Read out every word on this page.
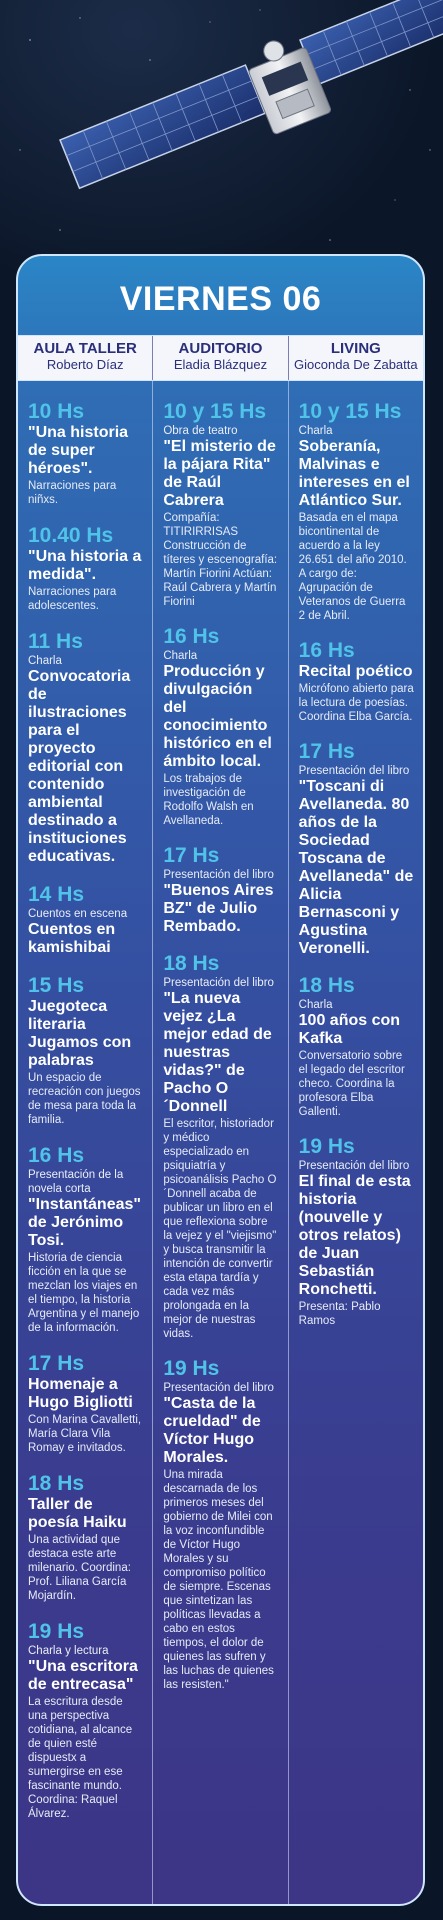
VIERNES 06
AULA TALLER
Roberto Díaz
AUDITORIO
Eladia Blázquez
LIVING
Gioconda De Zabatta
10 Hs
"Una historia de super héroes".
Narraciones para niñxs.
10.40 Hs
"Una historia a medida".
Narraciones para adolescentes.
11 Hs
Charla
Convocatoria de ilustraciones para el proyecto editorial con contenido ambiental destinado a instituciones educativas.
14 Hs
Cuentos en escena
Cuentos en kamishibai
15 Hs
Juegoteca literaria Jugamos con palabras
Un espacio de recreación con juegos de mesa para toda la familia.
16 Hs
Presentación de la novela corta
"Instantáneas" de Jerónimo Tosi.
Historia de ciencia ficción en la que se mezclan los viajes en el tiempo, la historia Argentina y el manejo de la información.
17 Hs
Homenaje a Hugo Bigliotti
Con Marina Cavalletti, María Clara Vila Romay e invitados.
18 Hs
Taller de poesía Haiku
Una actividad que destaca este arte milenario. Coordina: Prof. Liliana García Mojardín.
19 Hs
Charla y lectura
"Una escritora de entrecasa"
La escritura desde una perspectiva cotidiana, al alcance de quien esté dispuestx a sumergirse en ese fascinante mundo. Coordina: Raquel Álvarez.
10 y 15 Hs
Obra de teatro
"El misterio de la pájara Rita" de Raúl Cabrera
Compañía: TITIRIRRISAS Construcción de títeres y escenografía: Martín Fiorini Actúan: Raúl Cabrera y Martín Fiorini
16 Hs
Charla
Producción y divulgación del conocimiento histórico en el ámbito local.
Los trabajos de investigación de Rodolfo Walsh en Avellaneda.
17 Hs
Presentación del libro
"Buenos Aires BZ" de Julio Rembado.
18 Hs
Presentación del libro
"La nueva vejez ¿La mejor edad de nuestras vidas?" de Pacho O´Donnell
El escritor, historiador y médico especializado en psiquiatría y psicoanálisis Pacho O´Donnell acaba de publicar un libro en el que reflexiona sobre la vejez y el "viejismo" y busca transmitir la intención de convertir esta etapa tardía y cada vez más prolongada en la mejor de nuestras vidas.
19 Hs
Presentación del libro
"Casta de la crueldad" de Víctor Hugo Morales.
Una mirada descarnada de los primeros meses del gobierno de Milei con la voz inconfundible de Víctor Hugo Morales y su compromiso político de siempre. Escenas que sintetizan las políticas llevadas a cabo en estos tiempos, el dolor de quienes las sufren y las luchas de quienes las resisten."
10 y 15 Hs
Charla
Soberanía, Malvinas e intereses en el Atlántico Sur.
Basada en el mapa bicontinental de acuerdo a la ley 26.651 del año 2010. A cargo de: Agrupación de Veteranos de Guerra 2 de Abril.
16 Hs
Recital poético
Micrófono abierto para la lectura de poesías. Coordina Elba García.
17 Hs
Presentación del libro
"Toscani di Avellaneda. 80 años de la Sociedad Toscana de Avellaneda" de Alicia Bernasconi y Agustina Veronelli.
18 Hs
Charla
100 años con Kafka
Conversatorio sobre el legado del escritor checo. Coordina la profesora Elba Gallenti.
19 Hs
Presentación del libro
El final de esta historia (nouvelle y otros relatos) de Juan Sebastián Ronchetti.
Presenta: Pablo Ramos
